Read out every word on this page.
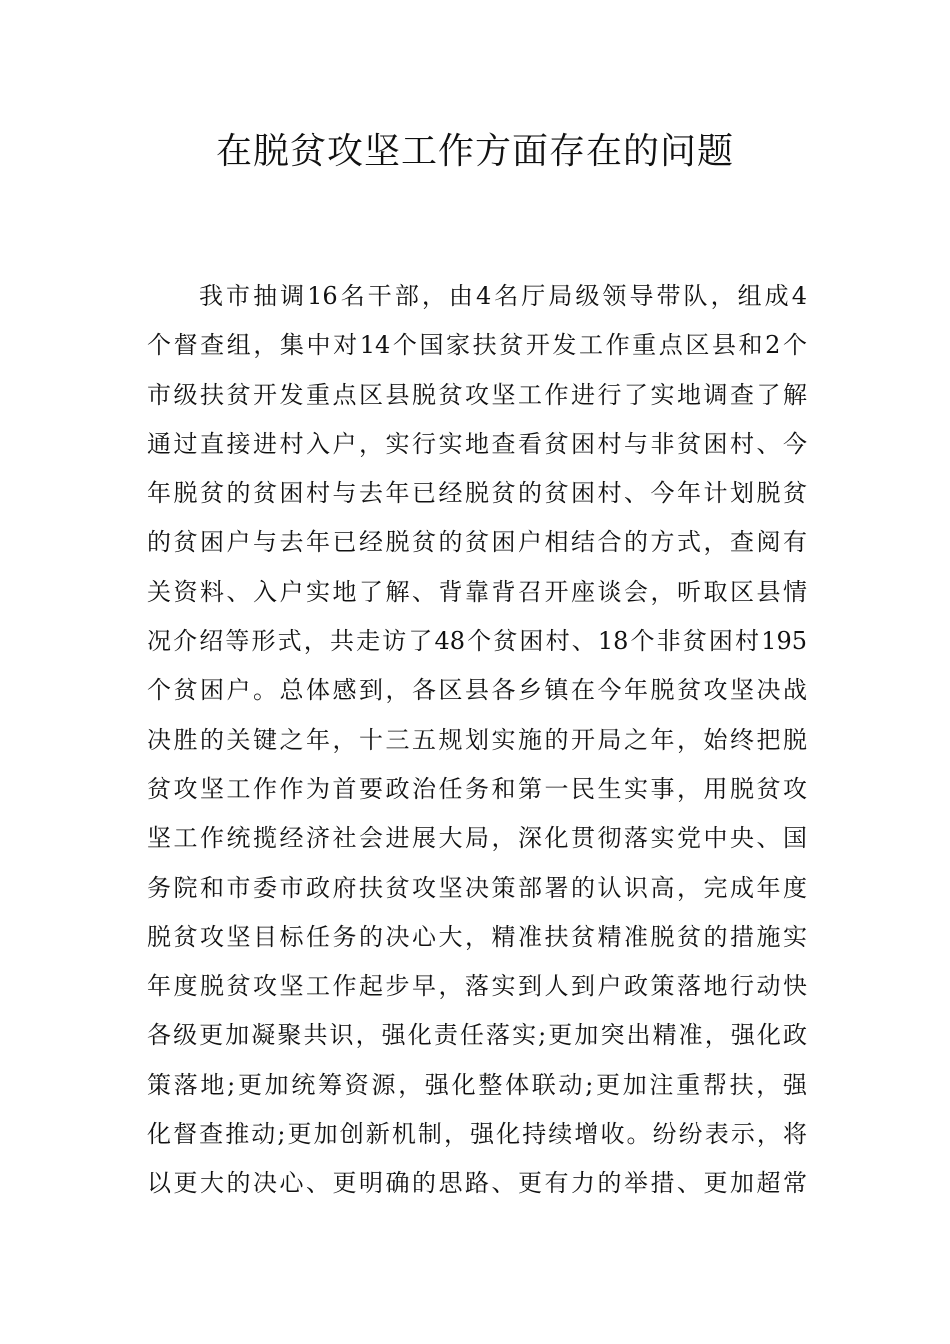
在脱贫攻坚工作方面存在的问题
我市抽调16名干部，由4名厅局级领导带队，组成4
个督查组，集中对14个国家扶贫开发工作重点区县和2个
市级扶贫开发重点区县脱贫攻坚工作进行了实地调查了解
通过直接进村入户，实行实地查看贫困村与非贫困村、今
年脱贫的贫困村与去年已经脱贫的贫困村、今年计划脱贫
的贫困户与去年已经脱贫的贫困户相结合的方式，查阅有
关资料、入户实地了解、背靠背召开座谈会，听取区县情
况介绍等形式，共走访了48个贫困村、18个非贫困村195
个贫困户。总体感到，各区县各乡镇在今年脱贫攻坚决战
决胜的关键之年，十三五规划实施的开局之年，始终把脱
贫攻坚工作作为首要政治任务和第一民生实事，用脱贫攻
坚工作统揽经济社会进展大局，深化贯彻落实党中央、国
务院和市委市政府扶贫攻坚决策部署的认识高，完成年度
脱贫攻坚目标任务的决心大，精准扶贫精准脱贫的措施实
年度脱贫攻坚工作起步早，落实到人到户政策落地行动快
各级更加凝聚共识，强化责任落实;更加突出精准，强化政
策落地;更加统筹资源，强化整体联动;更加注重帮扶，强
化督查推动;更加创新机制，强化持续增收。纷纷表示，将
以更大的决心、更明确的思路、更有力的举措、更加超常
